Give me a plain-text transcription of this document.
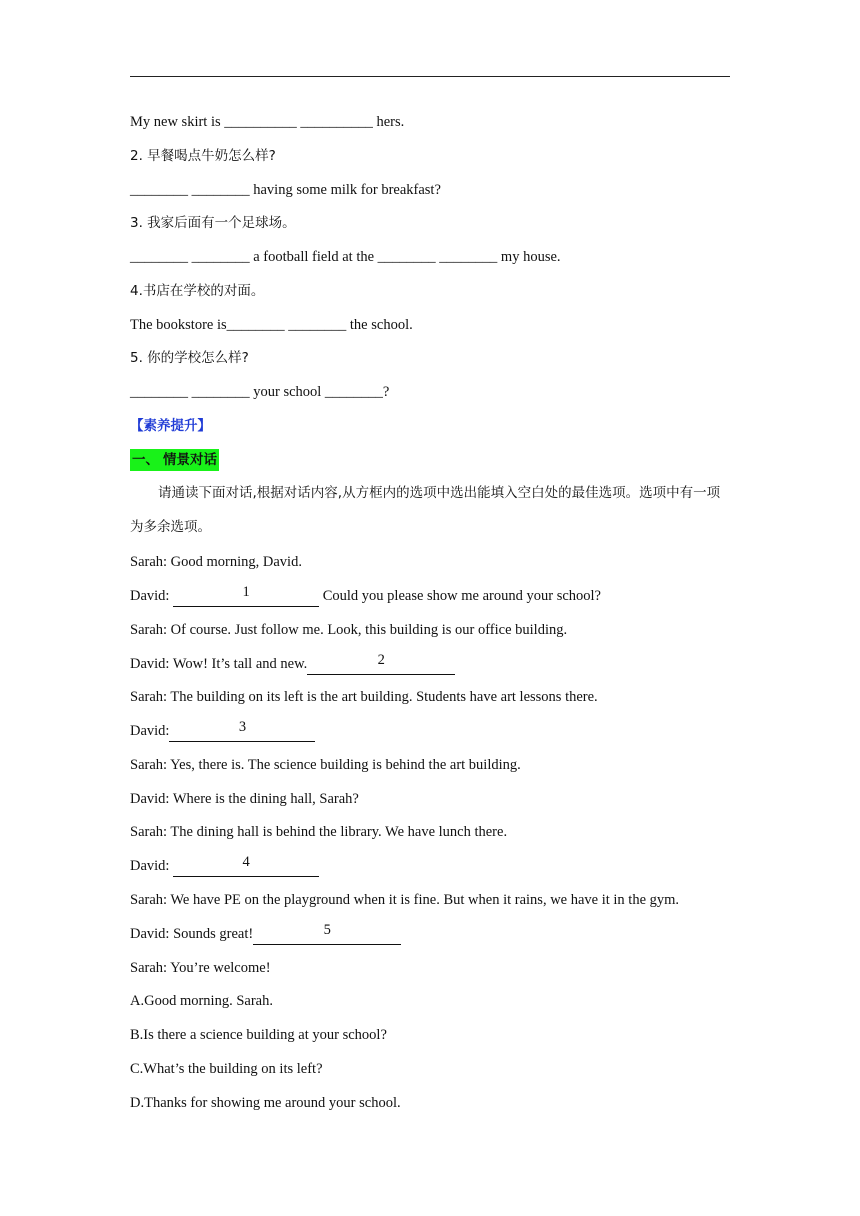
My new skirt is __________ __________ hers.
2. 早餐喝点牛奶怎么样?
________ ________ having some milk for breakfast?
3. 我家后面有一个足球场。
________ ________ a football field at the ________ ________ my house.
4.书店在学校的对面。
The bookstore is________ ________ the school.
5. 你的学校怎么样?
________ ________ your school ________?
【素养提升】
一、 情景对话
请通读下面对话,根据对话内容,从方框内的选项中选出能填入空白处的最佳选项。选项中有一项为多余选项。
Sarah: Good morning, David.
David:	1	Could you please show me around your school?
Sarah: Of course. Just follow me. Look, this building is our office building.
David: Wow! It’s tall and new.	2
Sarah: The building on its left is the art building. Students have art lessons there.
David:	3
Sarah: Yes, there is. The science building is behind the art building.
David: Where is the dining hall, Sarah?
Sarah: The dining hall is behind the library. We have lunch there.
David:	4
Sarah: We have PE on the playground when it is fine. But when it rains, we have it in the gym.
David: Sounds great!	5
Sarah: You’re welcome!
A.Good morning. Sarah.
B.Is there a science building at your school?
C.What’s the building on its left?
D.Thanks for showing me around your school.
